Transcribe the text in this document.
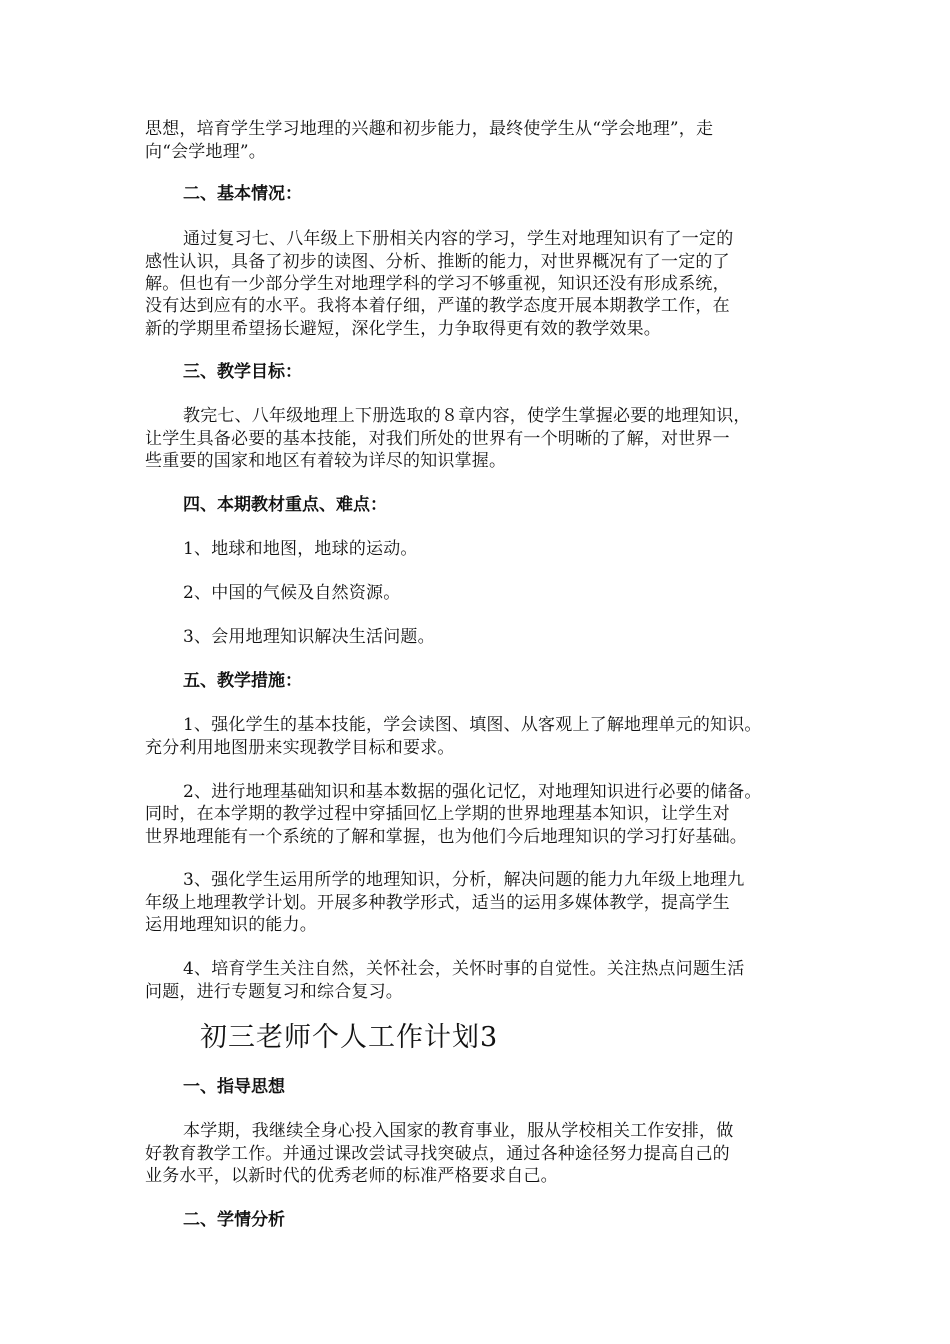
思想，培育学生学习地理的兴趣和初步能力，最终使学生从“学会地理”，走
向“会学地理”。
二、基本情况：
通过复习七、八年级上下册相关内容的学习，学生对地理知识有了一定的
感性认识，具备了初步的读图、分析、推断的能力，对世界概况有了一定的了
解。但也有一少部分学生对地理学科的学习不够重视，知识还没有形成系统，
没有达到应有的水平。我将本着仔细，严谨的教学态度开展本期教学工作，在
新的学期里希望扬长避短，深化学生，力争取得更有效的教学效果。
三、教学目标：
教完七、八年级地理上下册选取的８章内容，使学生掌握必要的地理知识，
让学生具备必要的基本技能，对我们所处的世界有一个明晰的了解，对世界一
些重要的国家和地区有着较为详尽的知识掌握。
四、本期教材重点、难点：
1、地球和地图，地球的运动。
2、中国的气候及自然资源。
3、会用地理知识解决生活问题。
五、教学措施：
1、强化学生的基本技能，学会读图、填图、从客观上了解地理单元的知识。
充分利用地图册来实现教学目标和要求。
2、进行地理基础知识和基本数据的强化记忆，对地理知识进行必要的储备。
同时，在本学期的教学过程中穿插回忆上学期的世界地理基本知识，让学生对
世界地理能有一个系统的了解和掌握，也为他们今后地理知识的学习打好基础。
3、强化学生运用所学的地理知识，分析，解决问题的能力九年级上地理九
年级上地理教学计划。开展多种教学形式，适当的运用多媒体教学，提高学生
运用地理知识的能力。
4、培育学生关注自然，关怀社会，关怀时事的自觉性。关注热点问题生活
问题，进行专题复习和综合复习。
初三老师个人工作计划3
一、指导思想
本学期，我继续全身心投入国家的教育事业，服从学校相关工作安排，做
好教育教学工作。并通过课改尝试寻找突破点，通过各种途径努力提高自己的
业务水平，以新时代的优秀老师的标准严格要求自己。
二、学情分析
